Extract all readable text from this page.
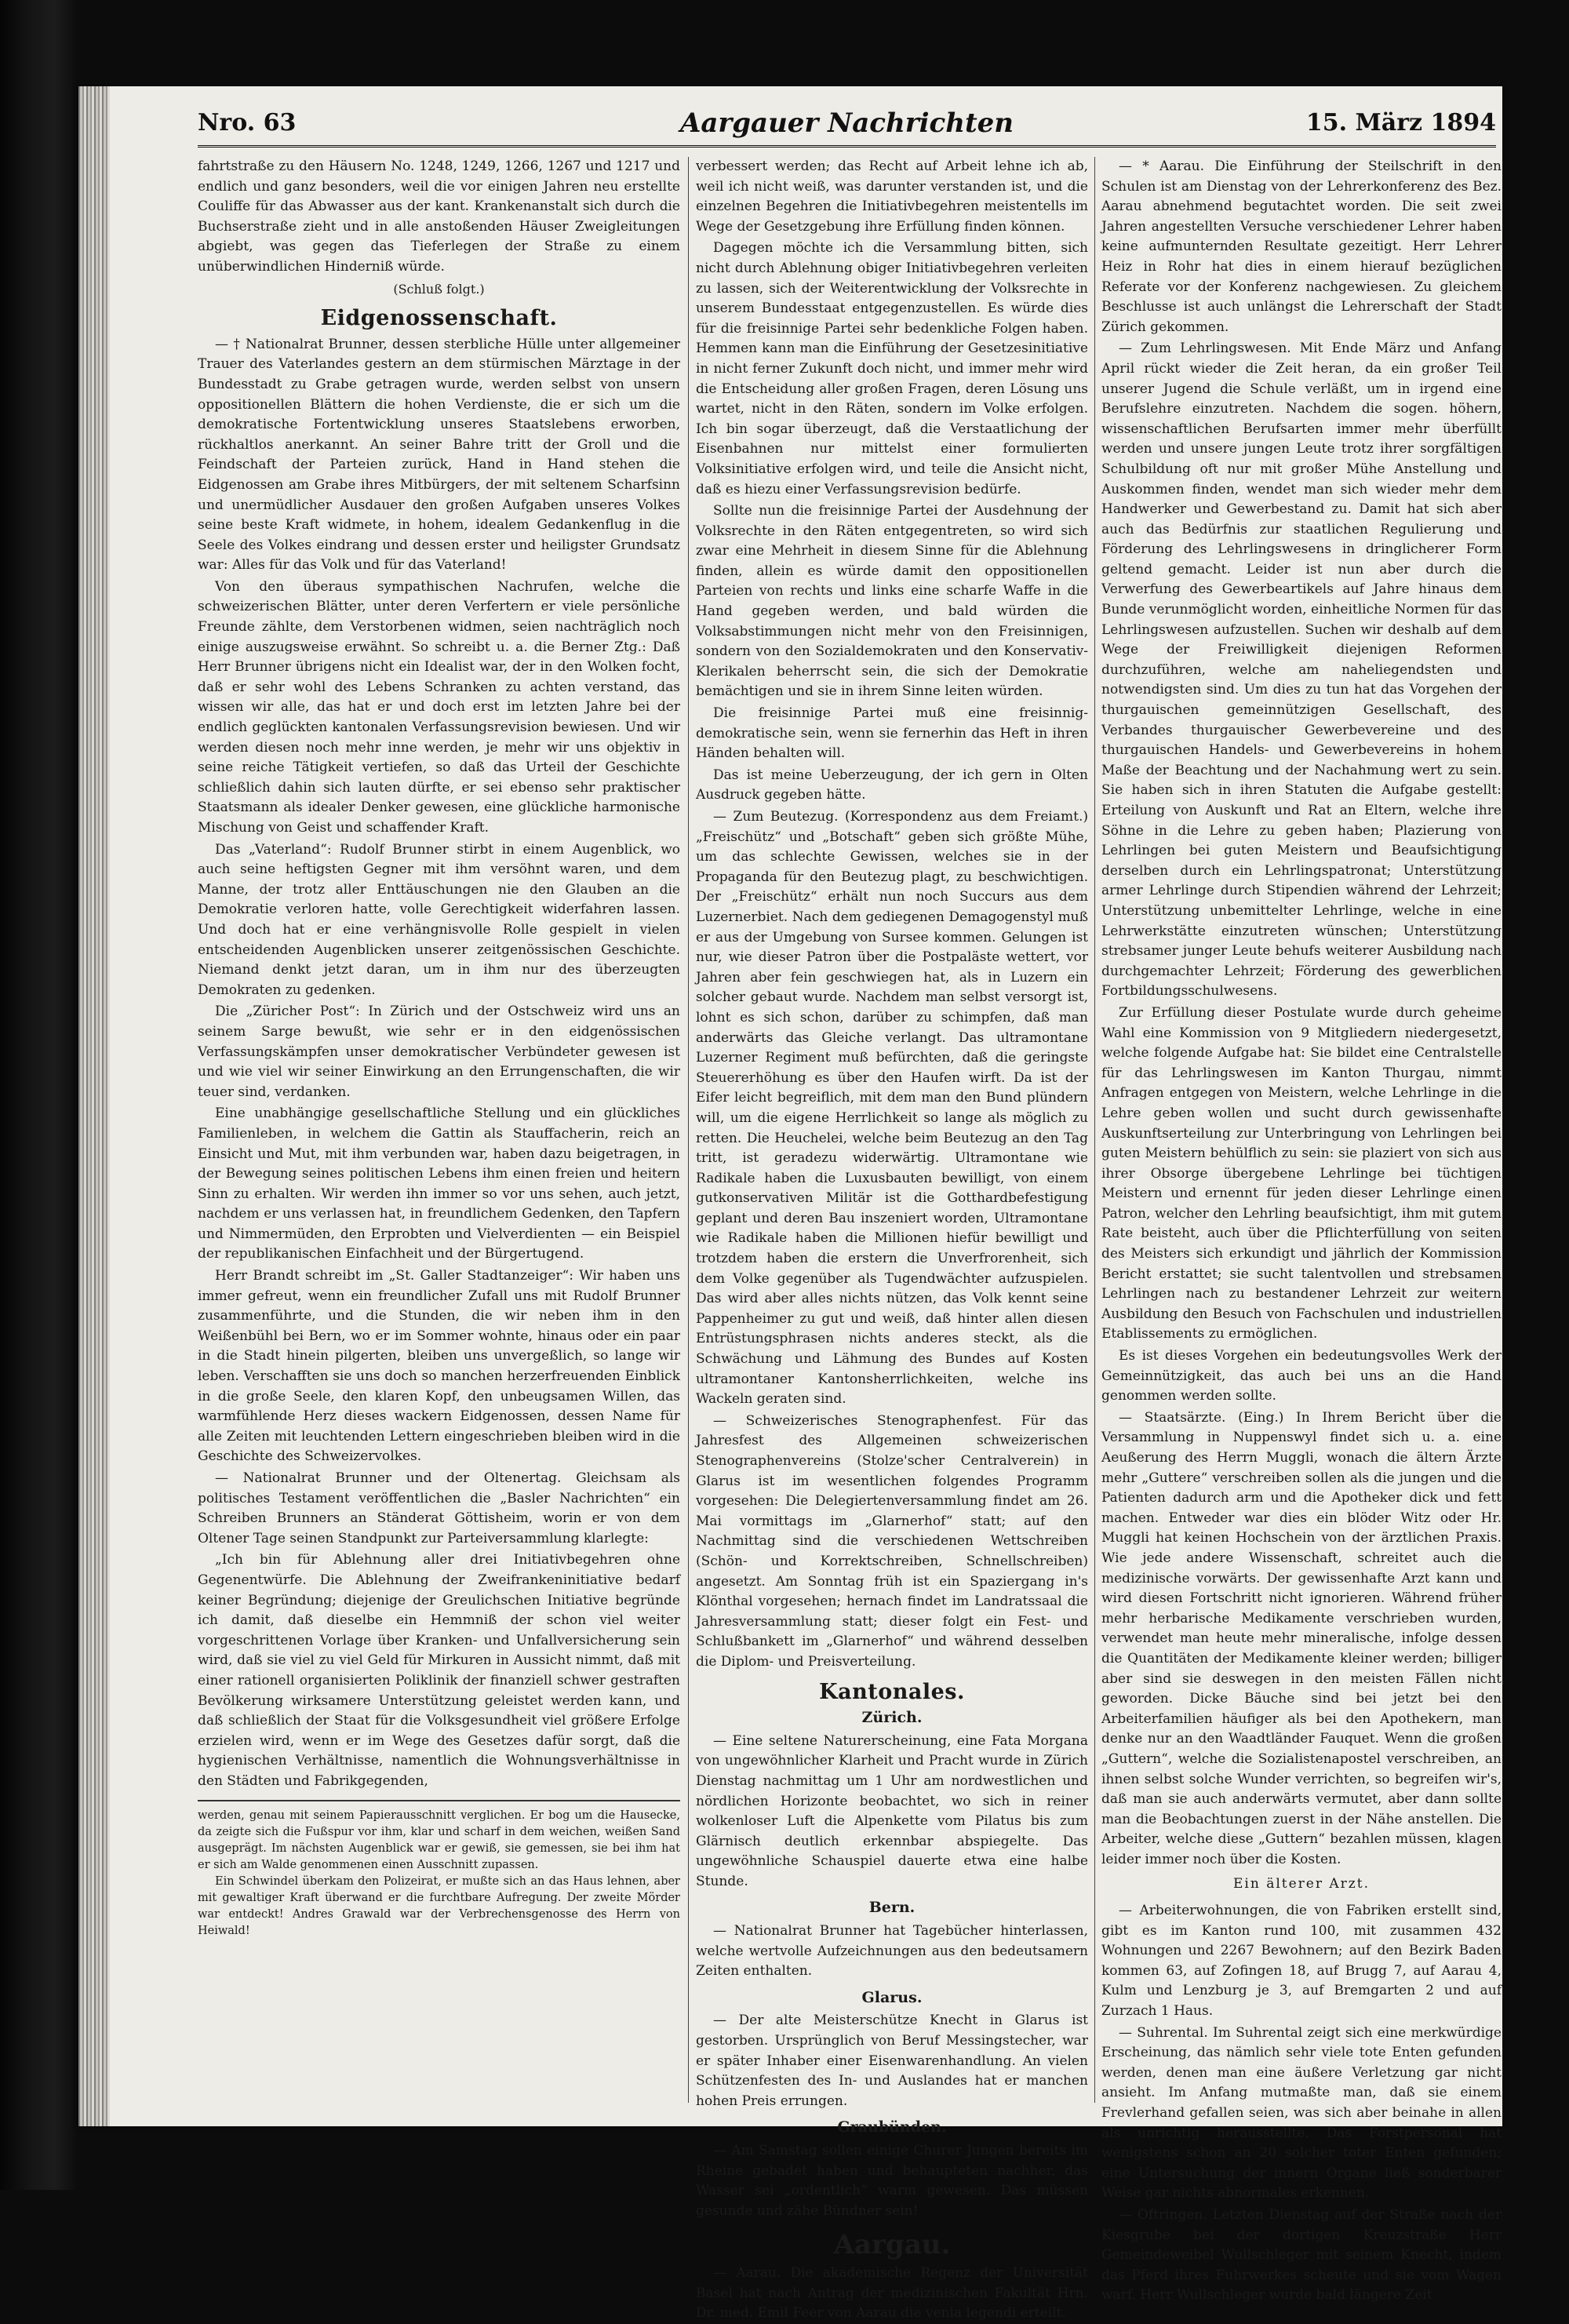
Nro. 63	Aargauer Nachrichten	15. März 1894

fahrtstraße zu den Häusern No. 1248, 1249, 1266, 1267 und 1217 und endlich und ganz besonders, weil die vor einigen Jahren neu erstellte Couliffe für das Abwasser aus der kant. Krankenanstalt sich durch die Buchserstraße zieht und in alle anstoßenden Häuser Zweigleitungen abgiebt, was gegen das Tieferlegen der Straße zu einem unüberwindlichen Hinderniß würde.

(Schluß folgt.)

Eidgenossenschaft.

— † Nationalrat Brunner, dessen sterbliche Hülle unter allgemeiner Trauer des Vaterlandes gestern an dem stürmischen Märztage in der Bundesstadt zu Grabe getragen wurde, werden selbst von unsern oppositionellen Blättern die hohen Verdienste, die er sich um die demokratische Fortentwicklung unseres Staatslebens erworben, rückhaltlos anerkannt. An seiner Bahre tritt der Groll und die Feindschaft der Parteien zurück, Hand in Hand stehen die Eidgenossen am Grabe ihres Mitbürgers, der mit seltenem Scharfsinn und unermüdlicher Ausdauer den großen Aufgaben unseres Volkes seine beste Kraft widmete, in hohem, idealem Gedankenflug in die Seele des Volkes eindrang und dessen erster und heiligster Grundsatz war: Alles für das Volk und für das Vaterland!

Von den überaus sympathischen Nachrufen, welche die schweizerischen Blätter, unter deren Verfertern er viele persönliche Freunde zählte, dem Verstorbenen widmen, seien nachträglich noch einige auszugsweise erwähnt. So schreibt u. a. die Berner Ztg.: Daß Herr Brunner übrigens nicht ein Idealist war, der in den Wolken focht, daß er sehr wohl des Lebens Schranken zu achten verstand, das wissen wir alle, das hat er und doch erst im letzten Jahre bei der endlich geglückten kantonalen Verfassungsrevision bewiesen. Und wir werden diesen noch mehr inne werden, je mehr wir uns objektiv in seine reiche Tätigkeit vertiefen, so daß das Urteil der Geschichte schließlich dahin sich lauten dürfte, er sei ebenso sehr praktischer Staatsmann als idealer Denker gewesen, eine glückliche harmonische Mischung von Geist und schaffender Kraft.

Das „Vaterland“: Rudolf Brunner stirbt in einem Augenblick, wo auch seine heftigsten Gegner mit ihm versöhnt waren, und dem Manne, der trotz aller Enttäuschungen nie den Glauben an die Demokratie verloren hatte, volle Gerechtigkeit widerfahren lassen. Und doch hat er eine verhängnisvolle Rolle gespielt in vielen entscheidenden Augenblicken unserer zeitgenössischen Geschichte. Niemand denkt jetzt daran, um in ihm nur des überzeugten Demokraten zu gedenken.

Die „Züricher Post“: In Zürich und der Ostschweiz wird uns an seinem Sarge bewußt, wie sehr er in den eidgenössischen Verfassungskämpfen unser demokratischer Verbündeter gewesen ist und wie viel wir seiner Einwirkung an den Errungenschaften, die wir teuer sind, verdanken.

Eine unabhängige gesellschaftliche Stellung und ein glückliches Familienleben, in welchem die Gattin als Stauffacherin, reich an Einsicht und Mut, mit ihm verbunden war, haben dazu beigetragen, in der Bewegung seines politischen Lebens ihm einen freien und heitern Sinn zu erhalten. Wir werden ihn immer so vor uns sehen, auch jetzt, nachdem er uns verlassen hat, in freundlichem Gedenken, den Tapfern und Nimmermüden, den Erprobten und Vielverdienten — ein Beispiel der republikanischen Einfachheit und der Bürgertugend.

Herr Brandt schreibt im „St. Galler Stadtanzeiger“: Wir haben uns immer gefreut, wenn ein freundlicher Zufall uns mit Rudolf Brunner zusammenführte, und die Stunden, die wir neben ihm in den Weißenbühl bei Bern, wo er im Sommer wohnte, hinaus oder ein paar in die Stadt hinein pilgerten, bleiben uns unvergeßlich, so lange wir leben. Verschafften sie uns doch so manchen herzerfreuenden Einblick in die große Seele, den klaren Kopf, den unbeugsamen Willen, das warmfühlende Herz dieses wackern Eidgenossen, dessen Name für alle Zeiten mit leuchtenden Lettern eingeschrieben bleiben wird in die Geschichte des Schweizervolkes.

— Nationalrat Brunner und der Oltenertag. Gleichsam als politisches Testament veröffentlichen die „Basler Nachrichten“ ein Schreiben Brunners an Ständerat Göttisheim, worin er von dem Oltener Tage seinen Standpunkt zur Parteiversammlung klarlegte:

„Ich bin für Ablehnung aller drei Initiativbegehren ohne Gegenentwürfe. Die Ablehnung der Zweifrankeninitiative bedarf keiner Begründung; diejenige der Greulichschen Initiative begründe ich damit, daß dieselbe ein Hemmniß der schon viel weiter vorgeschrittenen Vorlage über Kranken- und Unfallversicherung sein wird, daß sie viel zu viel Geld für Mirkuren in Aussicht nimmt, daß mit einer rationell organisierten Poliklinik der finanziell schwer gestraften Bevölkerung wirksamere Unterstützung geleistet werden kann, und daß schließlich der Staat für die Volksgesundheit viel größere Erfolge erzielen wird, wenn er im Wege des Gesetzes dafür sorgt, daß die hygienischen Verhältnisse, namentlich die Wohnungsverhältnisse in den Städten und Fabrikgegenden,

werden, genau mit seinem Papierausschnitt verglichen. Er bog um die Hausecke, da zeigte sich die Fußspur vor ihm, klar und scharf in dem weichen, weißen Sand ausgeprägt. Im nächsten Augenblick war er gewiß, sie gemessen, sie bei ihm hat er sich am Walde genommenen einen Ausschnitt zupassen.

Ein Schwindel überkam den Polizeirat, er mußte sich an das Haus lehnen, aber mit gewaltiger Kraft überwand er die furchtbare Aufregung. Der zweite Mörder war entdeckt! Andres Grawald war der Verbrechensgenosse des Herrn von Heiwald!

verbessert werden; das Recht auf Arbeit lehne ich ab, weil ich nicht weiß, was darunter verstanden ist, und die einzelnen Begehren die Initiativbegehren meistentells im Wege der Gesetzgebung ihre Erfüllung finden können.

Dagegen möchte ich die Versammlung bitten, sich nicht durch Ablehnung obiger Initiativbegehren verleiten zu lassen, sich der Weiterentwicklung der Volksrechte in unserem Bundesstaat entgegenzustellen. Es würde dies für die freisinnige Partei sehr bedenkliche Folgen haben. Hemmen kann man die Einführung der Gesetzesinitiative in nicht ferner Zukunft doch nicht, und immer mehr wird die Entscheidung aller großen Fragen, deren Lösung uns wartet, nicht in den Räten, sondern im Volke erfolgen. Ich bin sogar überzeugt, daß die Verstaatlichung der Eisenbahnen nur mittelst einer formulierten Volksinitiative erfolgen wird, und teile die Ansicht nicht, daß es hiezu einer Verfassungsrevision bedürfe.

Sollte nun die freisinnige Partei der Ausdehnung der Volksrechte in den Räten entgegentreten, so wird sich zwar eine Mehrheit in diesem Sinne für die Ablehnung finden, allein es würde damit den oppositionellen Parteien von rechts und links eine scharfe Waffe in die Hand gegeben werden, und bald würden die Volksabstimmungen nicht mehr von den Freisinnigen, sondern von den Sozialdemokraten und den Konservativ-Klerikalen beherrscht sein, die sich der Demokratie bemächtigen und sie in ihrem Sinne leiten würden.

Die freisinnige Partei muß eine freisinnig-demokratische sein, wenn sie fernerhin das Heft in ihren Händen behalten will.

Das ist meine Ueberzeugung, der ich gern in Olten Ausdruck gegeben hätte.

— Zum Beutezug. (Korrespondenz aus dem Freiamt.) „Freischütz“ und „Botschaft“ geben sich größte Mühe, um das schlechte Gewissen, welches sie in der Propaganda für den Beutezug plagt, zu beschwichtigen. Der „Freischütz“ erhält nun noch Succurs aus dem Luzernerbiet. Nach dem gediegenen Demagogenstyl muß er aus der Umgebung von Sursee kommen. Gelungen ist nur, wie dieser Patron über die Postpaläste wettert, vor Jahren aber fein geschwiegen hat, als in Luzern ein solcher gebaut wurde. Nachdem man selbst versorgt ist, lohnt es sich schon, darüber zu schimpfen, daß man anderwärts das Gleiche verlangt. Das ultramontane Luzerner Regiment muß befürchten, daß die geringste Steuererhöhung es über den Haufen wirft. Da ist der Eifer leicht begreiflich, mit dem man den Bund plündern will, um die eigene Herrlichkeit so lange als möglich zu retten. Die Heuchelei, welche beim Beutezug an den Tag tritt, ist geradezu widerwärtig. Ultramontane wie Radikale haben die Luxusbauten bewilligt, von einem gutkonservativen Militär ist die Gotthardbefestigung geplant und deren Bau inszeniert worden, Ultramontane wie Radikale haben die Millionen hiefür bewilligt und trotzdem haben die erstern die Unverfrorenheit, sich dem Volke gegenüber als Tugendwächter aufzuspielen. Das wird aber alles nichts nützen, das Volk kennt seine Pappenheimer zu gut und weiß, daß hinter allen diesen Entrüstungsphrasen nichts anderes steckt, als die Schwächung und Lähmung des Bundes auf Kosten ultramontaner Kantonsherrlichkeiten, welche ins Wackeln geraten sind.

— Schweizerisches Stenographenfest. Für das Jahresfest des Allgemeinen schweizerischen Stenographenvereins (Stolze'scher Centralverein) in Glarus ist im wesentlichen folgendes Programm vorgesehen: Die Delegiertenversammlung findet am 26. Mai vormittags im „Glarnerhof“ statt; auf den Nachmittag sind die verschiedenen Wettschreiben (Schön- und Korrektschreiben, Schnellschreiben) angesetzt. Am Sonntag früh ist ein Spaziergang in's Klönthal vorgesehen; hernach findet im Landratssaal die Jahresversammlung statt; dieser folgt ein Fest- und Schlußbankett im „Glarnerhof“ und während desselben die Diplom- und Preisverteilung.

Kantonales.
Zürich.

— Eine seltene Naturerscheinung, eine Fata Morgana von ungewöhnlicher Klarheit und Pracht wurde in Zürich Dienstag nachmittag um 1 Uhr am nordwestlichen und nördlichen Horizonte beobachtet, wo sich in reiner wolkenloser Luft die Alpenkette vom Pilatus bis zum Glärnisch deutlich erkennbar abspiegelte. Das ungewöhnliche Schauspiel dauerte etwa eine halbe Stunde.

Bern.

— Nationalrat Brunner hat Tagebücher hinterlassen, welche wertvolle Aufzeichnungen aus den bedeutsamern Zeiten enthalten.

Glarus.

— Der alte Meisterschütze Knecht in Glarus ist gestorben. Ursprünglich von Beruf Messingstecher, war er später Inhaber einer Eisenwarenhandlung. An vielen Schützenfesten des In- und Auslandes hat er manchen hohen Preis errungen.

Graubünden.

— Am Samstag sollen einige Churer Jungen bereits im Rheine gebadet haben und behaupteten nachher, das Wasser sei „ordentlich“ warm gewesen. Das müssen gesunde und zähe Bündner sein!

Aargau.

— Aarau. Die akademische Regenz der Universität Basel hat nach Antrag der medizinischen Fakultät Hrn. Dr. med. Emil Feer von Aarau die venia legendi erteilt.

— * Aarau. Die Einführung der Steilschrift in den Schulen ist am Dienstag von der Lehrerkonferenz des Bez. Aarau abnehmend begutachtet worden. Die seit zwei Jahren angestellten Versuche verschiedener Lehrer haben keine aufmunternden Resultate gezeitigt. Herr Lehrer Heiz in Rohr hat dies in einem hierauf bezüglichen Referate vor der Konferenz nachgewiesen. Zu gleichem Beschlusse ist auch unlängst die Lehrerschaft der Stadt Zürich gekommen.

— Zum Lehrlingswesen. Mit Ende März und Anfang April rückt wieder die Zeit heran, da ein großer Teil unserer Jugend die Schule verläßt, um in irgend eine Berufslehre einzutreten. Nachdem die sogen. höhern, wissenschaftlichen Berufsarten immer mehr überfüllt werden und unsere jungen Leute trotz ihrer sorgfältigen Schulbildung oft nur mit großer Mühe Anstellung und Auskommen finden, wendet man sich wieder mehr dem Handwerker und Gewerbestand zu. Damit hat sich aber auch das Bedürfnis zur staatlichen Regulierung und Förderung des Lehrlingswesens in dringlicherer Form geltend gemacht. Leider ist nun aber durch die Verwerfung des Gewerbeartikels auf Jahre hinaus dem Bunde verunmöglicht worden, einheitliche Normen für das Lehrlingswesen aufzustellen. Suchen wir deshalb auf dem Wege der Freiwilligkeit diejenigen Reformen durchzuführen, welche am naheliegendsten und notwendigsten sind. Um dies zu tun hat das Vorgehen der thurgauischen gemeinnützigen Gesellschaft, des Verbandes thurgauischer Gewerbevereine und des thurgauischen Handels- und Gewerbevereins in hohem Maße der Beachtung und der Nachahmung wert zu sein. Sie haben sich in ihren Statuten die Aufgabe gestellt: Erteilung von Auskunft und Rat an Eltern, welche ihre Söhne in die Lehre zu geben haben; Plazierung von Lehrlingen bei guten Meistern und Beaufsichtigung derselben durch ein Lehrlingspatronat; Unterstützung armer Lehrlinge durch Stipendien während der Lehrzeit; Unterstützung unbemittelter Lehrlinge, welche in eine Lehrwerkstätte einzutreten wünschen; Unterstützung strebsamer junger Leute behufs weiterer Ausbildung nach durchgemachter Lehrzeit; Förderung des gewerblichen Fortbildungsschulwesens.

Zur Erfüllung dieser Postulate wurde durch geheime Wahl eine Kommission von 9 Mitgliedern niedergesetzt, welche folgende Aufgabe hat: Sie bildet eine Centralstelle für das Lehrlingswesen im Kanton Thurgau, nimmt Anfragen entgegen von Meistern, welche Lehrlinge in die Lehre geben wollen und sucht durch gewissenhafte Auskunftserteilung zur Unterbringung von Lehrlingen bei guten Meistern behülflich zu sein: sie plaziert von sich aus ihrer Obsorge übergebene Lehrlinge bei tüchtigen Meistern und ernennt für jeden dieser Lehrlinge einen Patron, welcher den Lehrling beaufsichtigt, ihm mit gutem Rate beisteht, auch über die Pflichterfüllung von seiten des Meisters sich erkundigt und jährlich der Kommission Bericht erstattet; sie sucht talentvollen und strebsamen Lehrlingen nach zu bestandener Lehrzeit zur weitern Ausbildung den Besuch von Fachschulen und industriellen Etablissements zu ermöglichen.

Es ist dieses Vorgehen ein bedeutungsvolles Werk der Gemeinnützigkeit, das auch bei uns an die Hand genommen werden sollte.

— Staatsärzte. (Eing.) In Ihrem Bericht über die Versammlung in Nuppenswyl findet sich u. a. eine Aeußerung des Herrn Muggli, wonach die ältern Ärzte mehr „Guttere“ verschreiben sollen als die jungen und die Patienten dadurch arm und die Apotheker dick und fett machen. Entweder war dies ein blöder Witz oder Hr. Muggli hat keinen Hochschein von der ärztlichen Praxis. Wie jede andere Wissenschaft, schreitet auch die medizinische vorwärts. Der gewissenhafte Arzt kann und wird diesen Fortschritt nicht ignorieren. Während früher mehr herbarische Medikamente verschrieben wurden, verwendet man heute mehr mineralische, infolge dessen die Quantitäten der Medikamente kleiner werden; billiger aber sind sie deswegen in den meisten Fällen nicht geworden. Dicke Bäuche sind bei jetzt bei den Arbeiterfamilien häufiger als bei den Apothekern, man denke nur an den Waadtländer Fauquet. Wenn die großen „Guttern“, welche die Sozialistenapostel verschreiben, an ihnen selbst solche Wunder verrichten, so begreifen wir's, daß man sie auch anderwärts vermutet, aber dann sollte man die Beobachtungen zuerst in der Nähe anstellen. Die Arbeiter, welche diese „Guttern“ bezahlen müssen, klagen leider immer noch über die Kosten.

Ein älterer Arzt.

— Arbeiterwohnungen, die von Fabriken erstellt sind, gibt es im Kanton rund 100, mit zusammen 432 Wohnungen und 2267 Bewohnern; auf den Bezirk Baden kommen 63, auf Zofingen 18, auf Brugg 7, auf Aarau 4, Kulm und Lenzburg je 3, auf Bremgarten 2 und auf Zurzach 1 Haus.

— Suhrental. Im Suhrental zeigt sich eine merkwürdige Erscheinung, das nämlich sehr viele tote Enten gefunden werden, denen man eine äußere Verletzung gar nicht ansieht. Im Anfang mutmaßte man, daß sie einem Frevlerhand gefallen seien, was sich aber beinahe in allen als unrichtig herausstellte. Das Forstpersonal hat wenigstens schon an 20 solcher toter Enten gefunden; eine Untersuchung der innern Organe ließ sonderbarer Weise gar nichts abnormales erkennen.

— Oftringen. Letzten Dienstag auf der Straße nach der Kiesgrube bei der dortigen Kreuzstraße Herr Gemeindeweibel Wullschleger mit seinem Knecht, indem das Pferd ihres Fuhrwerkes scheute und sie vom Wagen warf. Herr Wullschleger wurde bald längere Zeit
